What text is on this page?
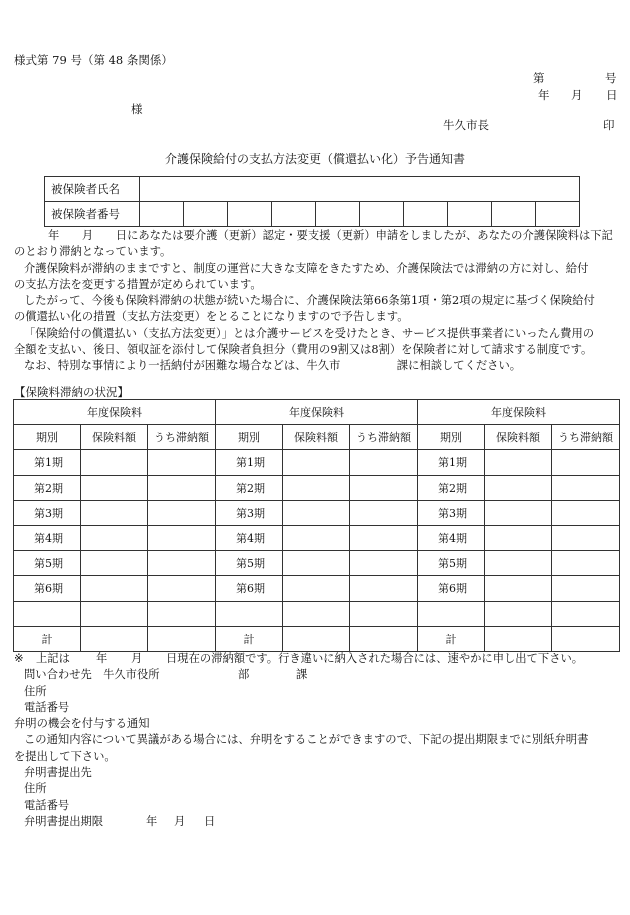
様式第 79 号（第 48 条関係）
第	号
年 月 日
様
牛久市長	印
介護保険給付の支払方法変更（償還払い化）予告通知書
被保険者氏名										
被保険者番号										

年　　月　　日にあなたは要介護（更新）認定・要支援（更新）申請をしましたが、あなたの介護保険料は下記

のとおり滞納となっています。

介護保険料が滞納のままですと、制度の運営に大きな支障をきたすため、介護保険法では滞納の方に対し、給付

の支払方法を変更する措置が定められています。

したがって、今後も保険料滞納の状態が続いた場合に、介護保険法第66条第1項・第2項の規定に基づく保険給付

の償還払い化の措置（支払方法変更）をとることになりますので予告します。

「保険給付の償還払い（支払方法変更）」とは介護サービスを受けたとき、サービス提供事業者にいったん費用の

全額を支払い、後日、領収証を添付して保険者負担分（費用の9割又は8割）を保険者に対して請求する制度です。

なお、特別な事情により一括納付が困難な場合などは、牛久市　　　　　課に相談してください。

【保険料滞納の状況】
年度保険料			年度保険料			年度保険料		
期別	保険料額	うち滞納額	期別	保険料額	うち滞納額	期別	保険料額	うち滞納額
第1期			第1期			第1期		
第2期			第2期			第2期		
第3期			第3期			第3期		
第4期			第4期			第4期		
第5期			第5期			第5期		
第6期			第6期			第6期		

計			計			計		

※ 上記は 年 月 日現在の滞納額です。行き違いに納入された場合には、速やかに申し出て下さい。

問い合わせ先　牛久市役所	部	課

住所

電話番号

弁明の機会を付与する通知

この通知内容について異議がある場合には、弁明をすることができますので、下記の提出期限までに別紙弁明書

を提出して下さい。

弁明書提出先

住所

電話番号

弁明書提出期限	年 月 日
